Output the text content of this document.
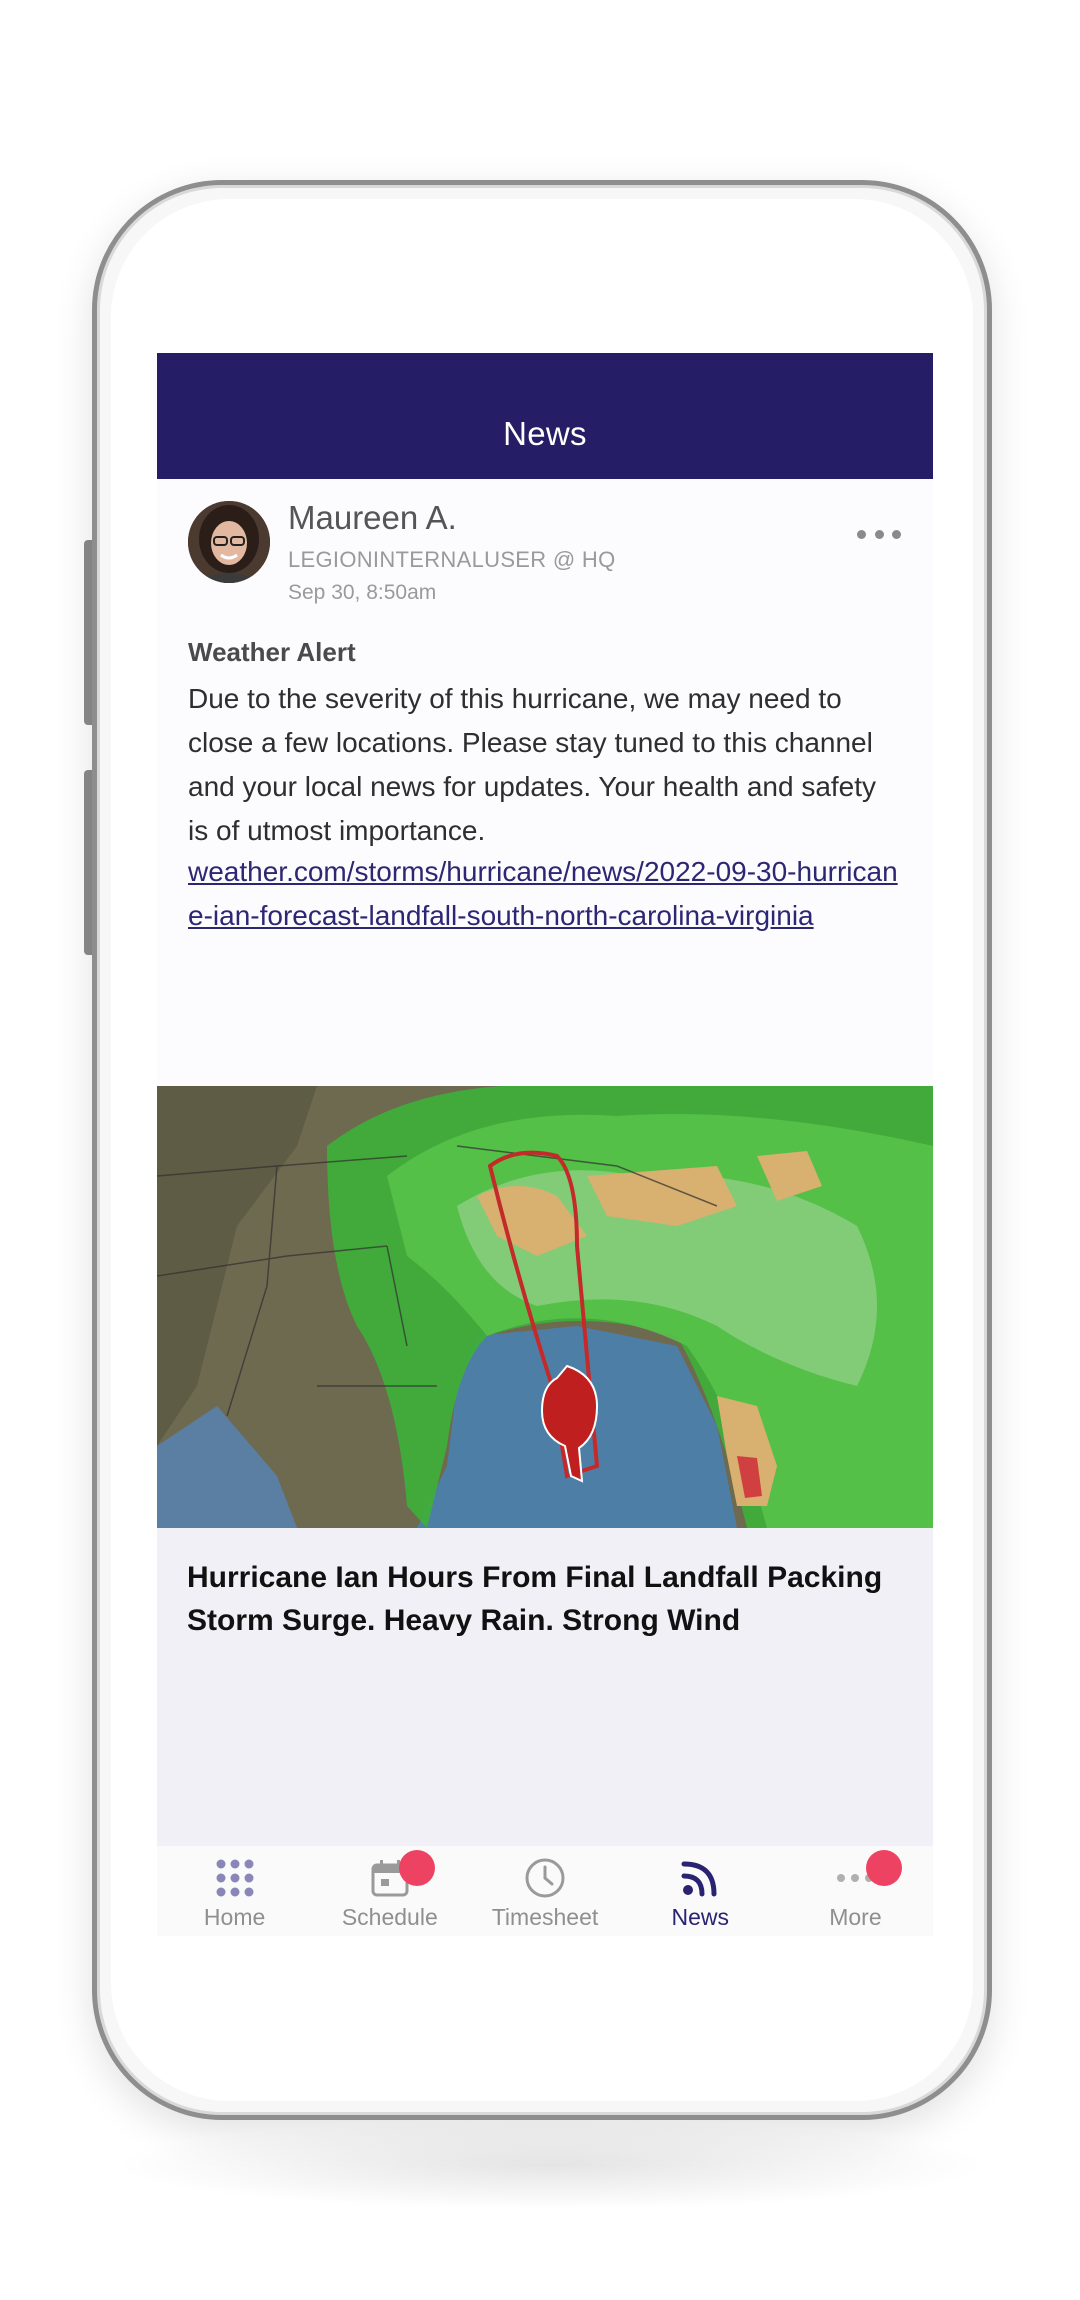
News
Maureen A.
LEGIONINTERNALUSER @ HQ
Sep 30, 8:50am
Weather Alert
Due to the severity of this hurricane, we may need to close a few locations. Please stay tuned to this channel and your local news for updates. Your health and safety is of utmost importance.
weather.com/storms/hurricane/news/2022-09-30-hurricane-ian-forecast-landfall-south-north-carolina-virginia
Hurricane Ian Hours From Final Landfall Packing Storm Surge. Heavy Rain. Strong Wind
Home	Schedule Timesheet	News	More
